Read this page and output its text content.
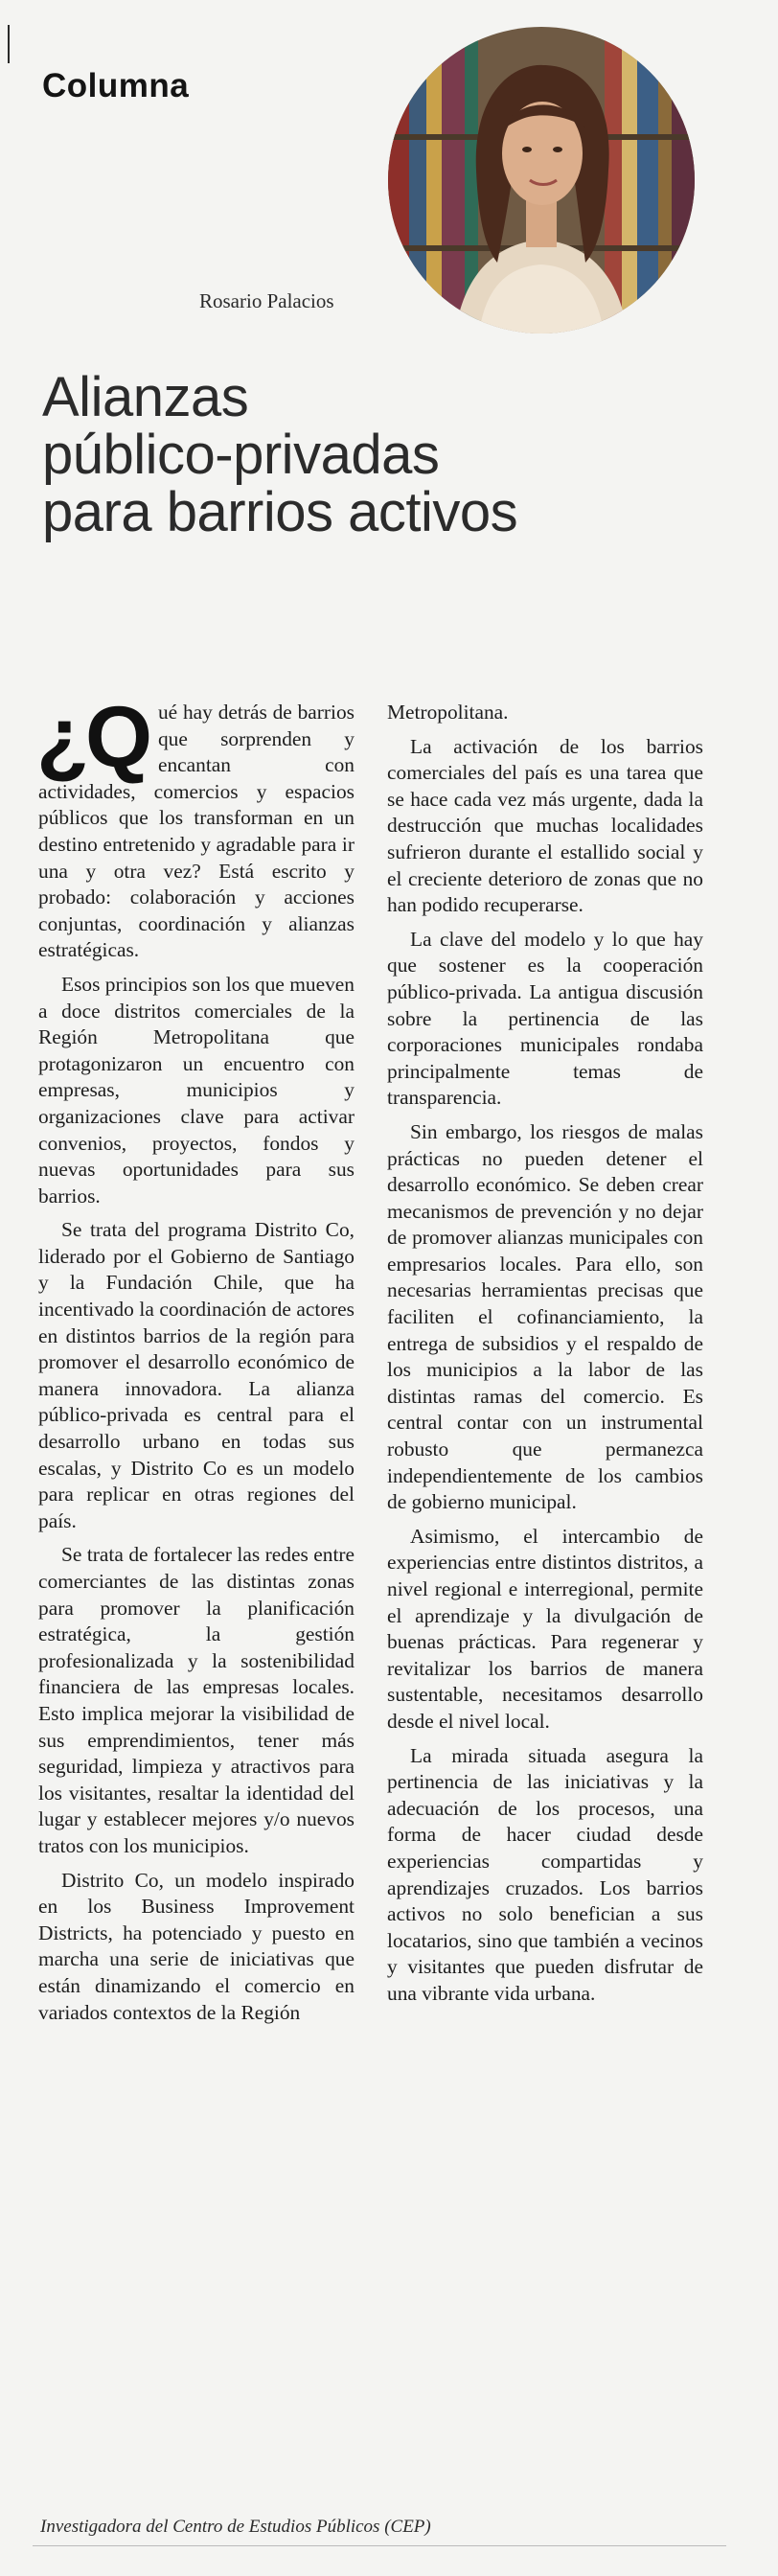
Columna
Rosario Palacios
Alianzas
público-privadas
para barrios activos

¿Q ué hay detrás de barrios que sorprenden y encantan con actividades, comercios y espacios públicos que los transforman en un destino entretenido y agradable para ir una y otra vez? Está escrito y probado: colaboración y acciones conjuntas, coordinación y alianzas estratégicas.

Esos principios son los que mueven a doce distritos comerciales de la Región Metropolitana que protagonizaron un encuentro con empresas, municipios y organizaciones clave para activar convenios, proyectos, fondos y nuevas oportunidades para sus barrios.

Se trata del programa Distrito Co, liderado por el Gobierno de Santiago y la Fundación Chile, que ha incentivado la coordinación de actores en distintos barrios de la región para promover el desarrollo económico de manera innovadora. La alianza público-privada es central para el desarrollo urbano en todas sus escalas, y Distrito Co es un modelo para replicar en otras regiones del país.

Se trata de fortalecer las redes entre comerciantes de las distintas zonas para promover la planificación estratégica, la gestión profesionalizada y la sostenibilidad financiera de las empresas locales. Esto implica mejorar la visibilidad de sus emprendimientos, tener más seguridad, limpieza y atractivos para los visitantes, resaltar la identidad del lugar y establecer mejores y/o nuevos tratos con los municipios.

Distrito Co, un modelo inspirado en los Business Improvement Districts, ha potenciado y puesto en marcha una serie de iniciativas que están dinamizando el comercio en variados contextos de la Región

Metropolitana.

La activación de los barrios comerciales del país es una tarea que se hace cada vez más urgente, dada la destrucción que muchas localidades sufrieron durante el estallido social y el creciente deterioro de zonas que no han podido recuperarse.

La clave del modelo y lo que hay que sostener es la cooperación público-privada. La antigua discusión sobre la pertinencia de las corporaciones municipales rondaba principalmente temas de transparencia.

Sin embargo, los riesgos de malas prácticas no pueden detener el desarrollo económico. Se deben crear mecanismos de prevención y no dejar de promover alianzas municipales con empresarios locales. Para ello, son necesarias herramientas precisas que faciliten el cofinanciamiento, la entrega de subsidios y el respaldo de los municipios a la labor de las distintas ramas del comercio. Es central contar con un instrumental robusto que permanezca independientemente de los cambios de gobierno municipal.

Asimismo, el intercambio de experiencias entre distintos distritos, a nivel regional e interregional, permite el aprendizaje y la divulgación de buenas prácticas. Para regenerar y revitalizar los barrios de manera sustentable, necesitamos desarrollo desde el nivel local.

La mirada situada asegura la pertinencia de las iniciativas y la adecuación de los procesos, una forma de hacer ciudad desde experiencias compartidas y aprendizajes cruzados. Los barrios activos no solo benefician a sus locatarios, sino que también a vecinos y visitantes que pueden disfrutar de una vibrante vida urbana.

Investigadora del Centro de Estudios Públicos (CEP)
